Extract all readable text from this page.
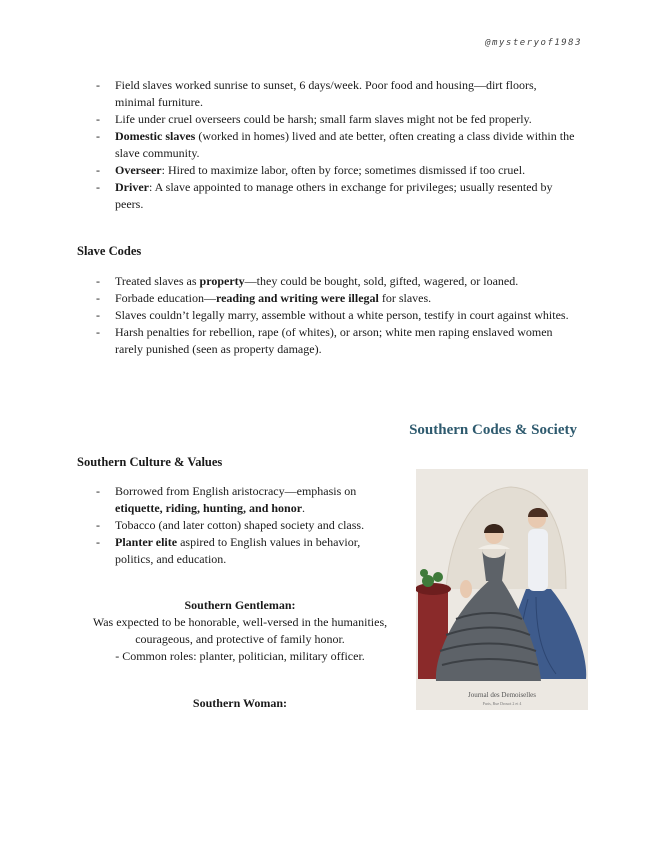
@mysteryof1983
- Field slaves worked sunrise to sunset, 6 days/week. Poor food and housing—dirt floors, minimal furniture.
- Life under cruel overseers could be harsh; small farm slaves might not be fed properly.
- Domestic slaves (worked in homes) lived and ate better, often creating a class divide within the slave community.
- Overseer: Hired to maximize labor, often by force; sometimes dismissed if too cruel.
- Driver: A slave appointed to manage others in exchange for privileges; usually resented by peers.
Slave Codes
- Treated slaves as property—they could be bought, sold, gifted, wagered, or loaned.
- Forbade education—reading and writing were illegal for slaves.
- Slaves couldn’t legally marry, assemble without a white person, testify in court against whites.
- Harsh penalties for rebellion, rape (of whites), or arson; white men raping enslaved women rarely punished (seen as property damage).
Southern Codes & Society
Southern Culture & Values
- Borrowed from English aristocracy—emphasis on etiquette, riding, hunting, and honor.
- Tobacco (and later cotton) shaped society and class.
- Planter elite aspired to English values in behavior, politics, and education.
Southern Gentleman:
Was expected to be honorable, well-versed in the humanities, courageous, and protective of family honor.
- Common roles: planter, politician, military officer.
Southern Woman:
Journal des Demoiselles
Paris, Rue Drouot 2 et 4
